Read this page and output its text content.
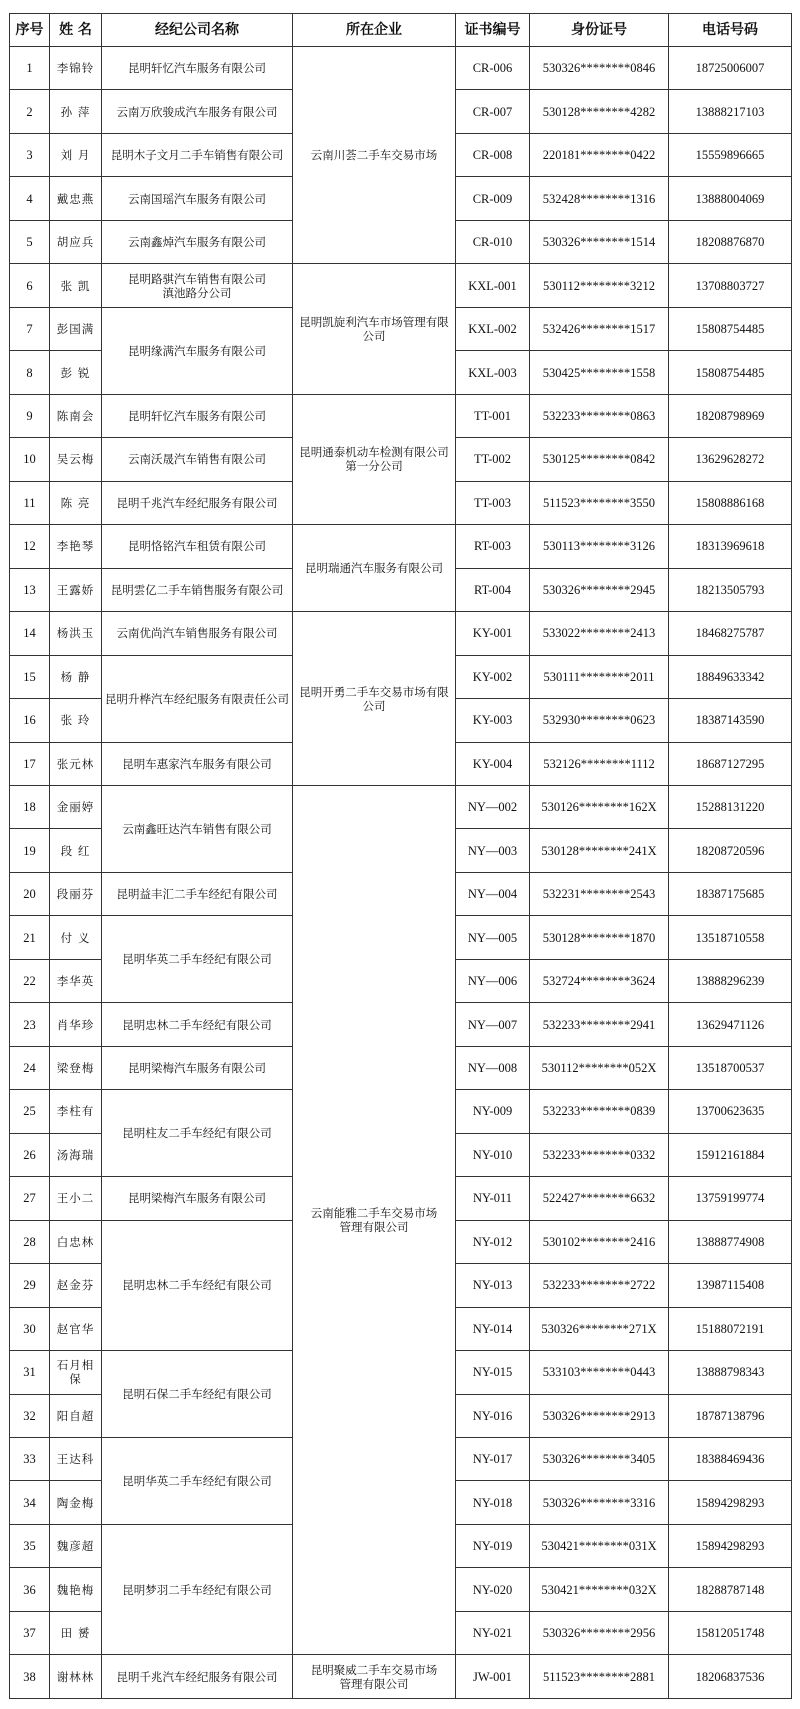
序号	姓 名	经纪公司名称	所在企业	证书编号	身份证号	电话号码
1	李锦铃	昆明轩忆汽车服务有限公司	云南川荟二手车交易市场	CR-006	530326********0846	18725006007
2	孙 萍	云南万欣骏成汽车服务有限公司		CR-007	530128********4282	13888217103
3	刘 月	昆明木子文月二手车销售有限公司		CR-008	220181********0422	15559896665
4	戴忠燕	云南国瑶汽车服务有限公司		CR-009	532428********1316	13888004069
5	胡应兵	云南鑫焯汽车服务有限公司		CR-010	530326********1514	18208876870
6	张 凯	昆明路骐汽车销售有限公司
滇池路分公司	昆明凯旋利汽车市场管理有限公司	KXL-001	530112********3212	13708803727
7	彭国满	昆明缘满汽车服务有限公司		KXL-002	532426********1517	15808754485
8	彭 锐			KXL-003	530425********1558	15808754485
9	陈南会	昆明轩忆汽车服务有限公司	昆明通泰机动车检测有限公司
第一分公司	TT-001	532233********0863	18208798969
10	吴云梅	云南沃晟汽车销售有限公司		TT-002	530125********0842	13629628272
11	陈 亮	昆明千兆汽车经纪服务有限公司		TT-003	511523********3550	15808886168
12	李艳琴	昆明恪铭汽车租赁有限公司	昆明瑞通汽车服务有限公司	RT-003	530113********3126	18313969618
13	王露娇	昆明雲亿二手车销售服务有限公司		RT-004	530326********2945	18213505793
14	杨洪玉	云南优尚汽车销售服务有限公司	昆明开勇二手车交易市场有限公司	KY-001	533022********2413	18468275787
15	杨 静	昆明升桦汽车经纪服务有限责任公司		KY-002	530111********2011	18849633342
16	张 玲			KY-003	532930********0623	18387143590
17	张元林	昆明车惠家汽车服务有限公司		KY-004	532126********1112	18687127295
18	金丽婷	云南鑫旺达汽车销售有限公司	云南能雅二手车交易市场
管理有限公司	NY—002	530126********162X	15288131220
19	段 红			NY—003	530128********241X	18208720596
20	段丽芬	昆明益丰汇二手车经纪有限公司		NY—004	532231********2543	18387175685
21	付 义	昆明华英二手车经纪有限公司		NY—005	530128********1870	13518710558
22	李华英			NY—006	532724********3624	13888296239
23	肖华珍	昆明忠林二手车经纪有限公司		NY—007	532233********2941	13629471126
24	梁登梅	昆明梁梅汽车服务有限公司		NY—008	530112********052X	13518700537
25	李柱有	昆明柱友二手车经纪有限公司		NY-009	532233********0839	13700623635
26	汤海瑞			NY-010	532233********0332	15912161884
27	王小二	昆明梁梅汽车服务有限公司		NY-011	522427********6632	13759199774
28	白忠林	昆明忠林二手车经纪有限公司		NY-012	530102********2416	13888774908
29	赵金芬			NY-013	532233********2722	13987115408
30	赵官华			NY-014	530326********271X	15188072191
31	石月相保	昆明石保二手车经纪有限公司		NY-015	533103********0443	13888798343
32	阳自超			NY-016	530326********2913	18787138796
33	王达科	昆明华英二手车经纪有限公司		NY-017	530326********3405	18388469436
34	陶金梅			NY-018	530326********3316	15894298293
35	魏彦超	昆明梦羽二手车经纪有限公司		NY-019	530421********031X	15894298293
36	魏艳梅			NY-020	530421********032X	18288787148
37	田 赟			NY-021	530326********2956	15812051748
38	谢林林	昆明千兆汽车经纪服务有限公司	昆明聚威二手车交易市场
管理有限公司	JW-001	511523********2881	18206837536
